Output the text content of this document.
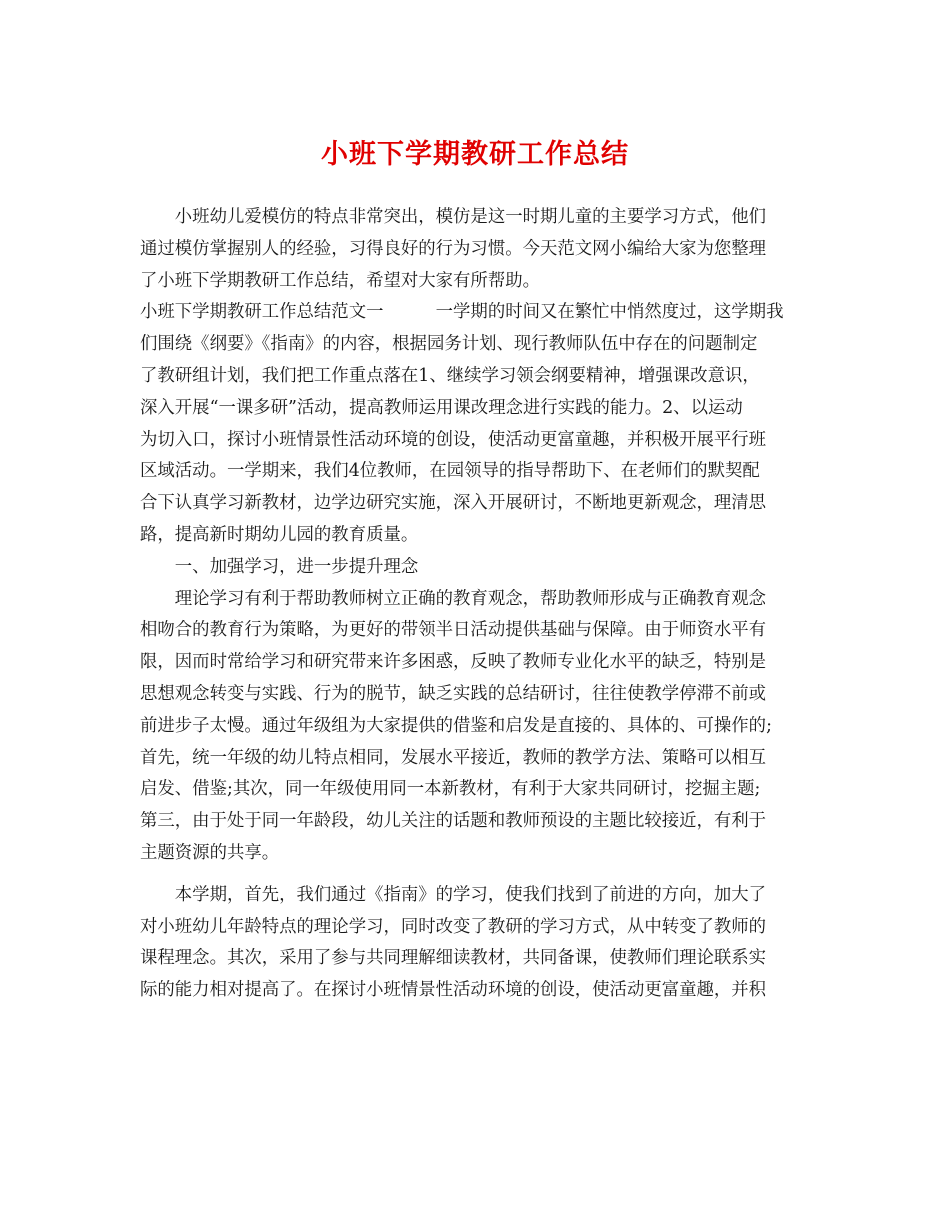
小班下学期教研工作总结
　　小班幼儿爱模仿的特点非常突出，模仿是这一时期儿童的主要学习方式，他们
通过模仿掌握别人的经验，习得良好的行为习惯。今天范文网小编给大家为您整理
了小班下学期教研工作总结，希望对大家有所帮助。
小班下学期教研工作总结范文一　　　一学期的时间又在繁忙中悄然度过，这学期我
们围绕《纲要》《指南》的内容，根据园务计划、现行教师队伍中存在的问题制定
了教研组计划，我们把工作重点落在1、继续学习领会纲要精神，增强课改意识，
深入开展“一课多研”活动，提高教师运用课改理念进行实践的能力。2、以运动
为切入口，探讨小班情景性活动环境的创设，使活动更富童趣，并积极开展平行班
区域活动。一学期来，我们4位教师，在园领导的指导帮助下、在老师们的默契配
合下认真学习新教材，边学边研究实施，深入开展研讨，不断地更新观念，理清思
路，提高新时期幼儿园的教育质量。
　　一、加强学习，进一步提升理念
　　理论学习有利于帮助教师树立正确的教育观念，帮助教师形成与正确教育观念
相吻合的教育行为策略，为更好的带领半日活动提供基础与保障。由于师资水平有
限，因而时常给学习和研究带来许多困惑，反映了教师专业化水平的缺乏，特别是
思想观念转变与实践、行为的脱节，缺乏实践的总结研讨，往往使教学停滞不前或
前进步子太慢。通过年级组为大家提供的借鉴和启发是直接的、具体的、可操作的;
首先，统一年级的幼儿特点相同，发展水平接近，教师的教学方法、策略可以相互
启发、借鉴;其次，同一年级使用同一本新教材，有利于大家共同研讨，挖掘主题;
第三，由于处于同一年龄段，幼儿关注的话题和教师预设的主题比较接近，有利于
主题资源的共享。
　　本学期，首先，我们通过《指南》的学习，使我们找到了前进的方向，加大了
对小班幼儿年龄特点的理论学习，同时改变了教研的学习方式，从中转变了教师的
课程理念。其次，采用了参与共同理解细读教材，共同备课，使教师们理论联系实
际的能力相对提高了。在探讨小班情景性活动环境的创设，使活动更富童趣，并积
